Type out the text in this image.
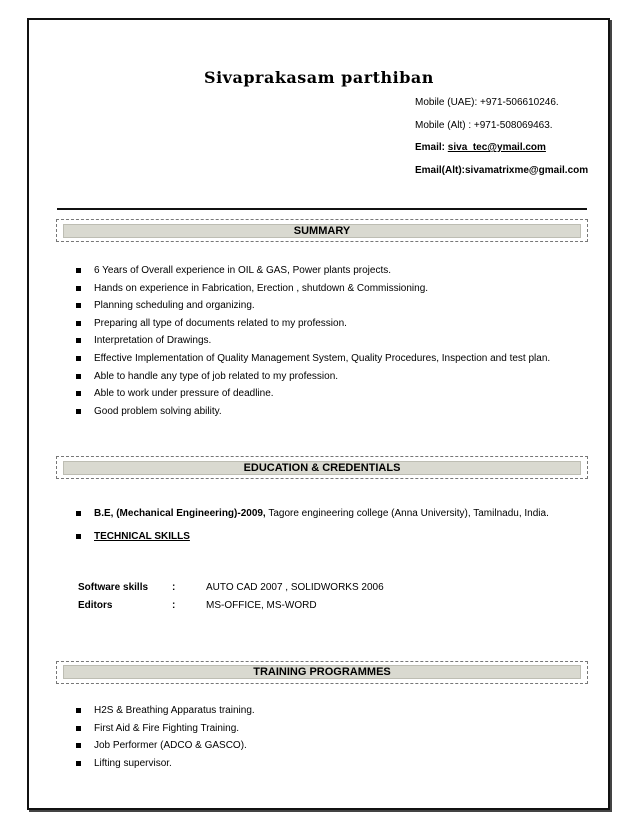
Sivaprakasam parthiban
Mobile (UAE): +971-506610246.
Mobile (Alt) : +971-508069463.
Email: siva_tec@ymail.com
Email(Alt):sivamatrixme@gmail.com
SUMMARY
6 Years of Overall experience in OIL & GAS, Power plants projects.
Hands on experience in Fabrication, Erection , shutdown & Commissioning.
Planning scheduling and organizing.
Preparing all type of documents related to my profession.
Interpretation of Drawings.
Effective Implementation of Quality Management System, Quality Procedures, Inspection and test plan.
Able to handle any type of job related to my profession.
Able to work under pressure of deadline.
Good problem solving ability.
EDUCATION & CREDENTIALS
B.E, (Mechanical Engineering)-2009, Tagore engineering college (Anna University), Tamilnadu, India.
TECHNICAL SKILLS
Software skills :	AUTO CAD 2007 , SOLIDWORKS 2006
Editors	:	MS-OFFICE, MS-WORD
TRAINING PROGRAMMES
H2S & Breathing Apparatus training.
First Aid & Fire Fighting Training.
Job Performer (ADCO & GASCO).
Lifting supervisor.
